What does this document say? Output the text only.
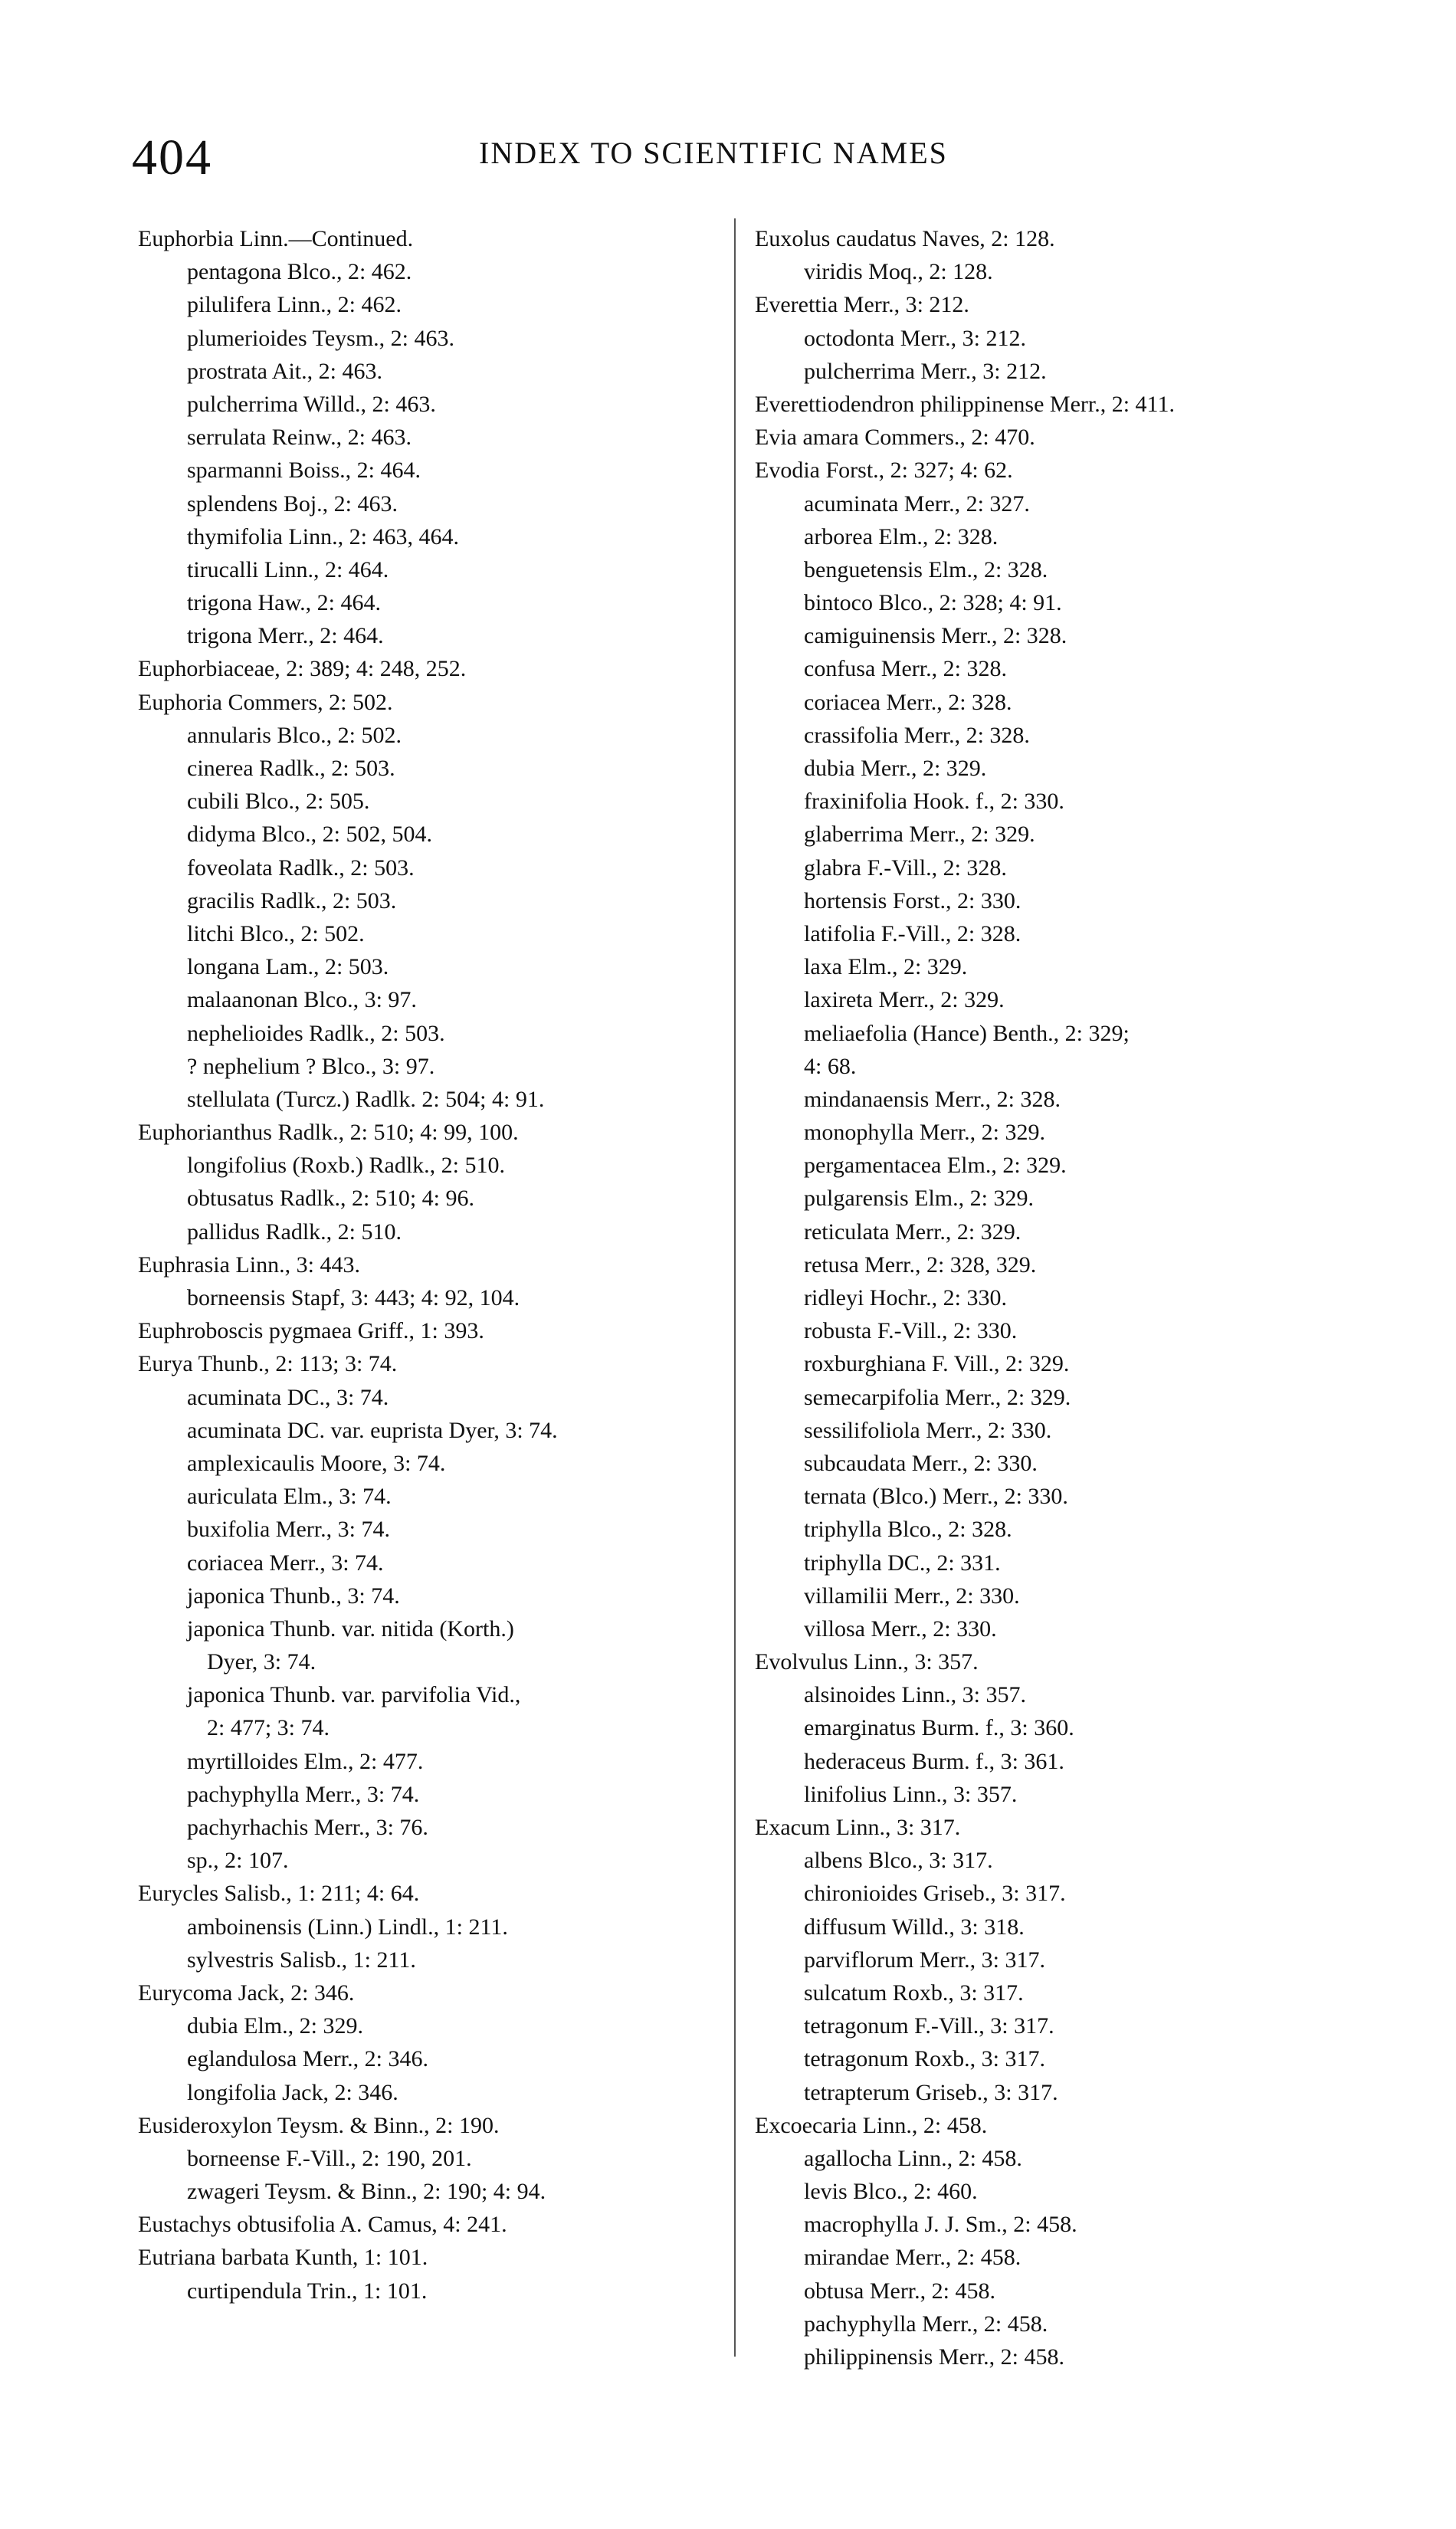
404	INDEX TO SCIENTIFIC NAMES
Euphorbia Linn.—Continued.
pentagona Blco., 2: 462.
pilulifera Linn., 2: 462.
plumerioides Teysm., 2: 463.
prostrata Ait., 2: 463.
pulcherrima Willd., 2: 463.
serrulata Reinw., 2: 463.
sparmanni Boiss., 2: 464.
splendens Boj., 2: 463.
thymifolia Linn., 2: 463, 464.
tirucalli Linn., 2: 464.
trigona Haw., 2: 464.
trigona Merr., 2: 464.
Euphorbiaceae, 2: 389; 4: 248, 252.
Euphoria Commers, 2: 502.
annularis Blco., 2: 502.
cinerea Radlk., 2: 503.
cubili Blco., 2: 505.
didyma Blco., 2: 502, 504.
foveolata Radlk., 2: 503.
gracilis Radlk., 2: 503.
litchi Blco., 2: 502.
longana Lam., 2: 503.
malaanonan Blco., 3: 97.
nephelioides Radlk., 2: 503.
? nephelium ? Blco., 3: 97.
stellulata (Turcz.) Radlk. 2: 504; 4: 91.
Euphorianthus Radlk., 2: 510; 4: 99, 100.
longifolius (Roxb.) Radlk., 2: 510.
obtusatus Radlk., 2: 510; 4: 96.
pallidus Radlk., 2: 510.
Euphrasia Linn., 3: 443.
borneensis Stapf, 3: 443; 4: 92, 104.
Euphroboscis pygmaea Griff., 1: 393.
Eurya Thunb., 2: 113; 3: 74.
acuminata DC., 3: 74.
acuminata DC. var. euprista Dyer, 3: 74.
amplexicaulis Moore, 3: 74.
auriculata Elm., 3: 74.
buxifolia Merr., 3: 74.
coriacea Merr., 3: 74.
japonica Thunb., 3: 74.
japonica Thunb. var. nitida (Korth.)
Dyer, 3: 74.
japonica Thunb. var. parvifolia Vid.,
2: 477; 3: 74.
myrtilloides Elm., 2: 477.
pachyphylla Merr., 3: 74.
pachyrhachis Merr., 3: 76.
sp., 2: 107.
Eurycles Salisb., 1: 211; 4: 64.
amboinensis (Linn.) Lindl., 1: 211.
sylvestris Salisb., 1: 211.
Eurycoma Jack, 2: 346.
dubia Elm., 2: 329.
eglandulosa Merr., 2: 346.
longifolia Jack, 2: 346.
Eusideroxylon Teysm. & Binn., 2: 190.
borneense F.-Vill., 2: 190, 201.
zwageri Teysm. & Binn., 2: 190; 4: 94.
Eustachys obtusifolia A. Camus, 4: 241.
Eutriana barbata Kunth, 1: 101.
curtipendula Trin., 1: 101.
Euxolus caudatus Naves, 2: 128.
viridis Moq., 2: 128.
Everettia Merr., 3: 212.
octodonta Merr., 3: 212.
pulcherrima Merr., 3: 212.
Everettiodendron philippinense Merr., 2: 411.
Evia amara Commers., 2: 470.
Evodia Forst., 2: 327; 4: 62.
acuminata Merr., 2: 327.
arborea Elm., 2: 328.
benguetensis Elm., 2: 328.
bintoco Blco., 2: 328; 4: 91.
camiguinensis Merr., 2: 328.
confusa Merr., 2: 328.
coriacea Merr., 2: 328.
crassifolia Merr., 2: 328.
dubia Merr., 2: 329.
fraxinifolia Hook. f., 2: 330.
glaberrima Merr., 2: 329.
glabra F.-Vill., 2: 328.
hortensis Forst., 2: 330.
latifolia F.-Vill., 2: 328.
laxa Elm., 2: 329.
laxireta Merr., 2: 329.
meliaefolia (Hance) Benth., 2: 329;
4: 68.
mindanaensis Merr., 2: 328.
monophylla Merr., 2: 329.
pergamentacea Elm., 2: 329.
pulgarensis Elm., 2: 329.
reticulata Merr., 2: 329.
retusa Merr., 2: 328, 329.
ridleyi Hochr., 2: 330.
robusta F.-Vill., 2: 330.
roxburghiana F. Vill., 2: 329.
semecarpifolia Merr., 2: 329.
sessilifoliola Merr., 2: 330.
subcaudata Merr., 2: 330.
ternata (Blco.) Merr., 2: 330.
triphylla Blco., 2: 328.
triphylla DC., 2: 331.
villamilii Merr., 2: 330.
villosa Merr., 2: 330.
Evolvulus Linn., 3: 357.
alsinoides Linn., 3: 357.
emarginatus Burm. f., 3: 360.
hederaceus Burm. f., 3: 361.
linifolius Linn., 3: 357.
Exacum Linn., 3: 317.
albens Blco., 3: 317.
chironioides Griseb., 3: 317.
diffusum Willd., 3: 318.
parviflorum Merr., 3: 317.
sulcatum Roxb., 3: 317.
tetragonum F.-Vill., 3: 317.
tetragonum Roxb., 3: 317.
tetrapterum Griseb., 3: 317.
Excoecaria Linn., 2: 458.
agallocha Linn., 2: 458.
levis Blco., 2: 460.
macrophylla J. J. Sm., 2: 458.
mirandae Merr., 2: 458.
obtusa Merr., 2: 458.
pachyphylla Merr., 2: 458.
philippinensis Merr., 2: 458.
